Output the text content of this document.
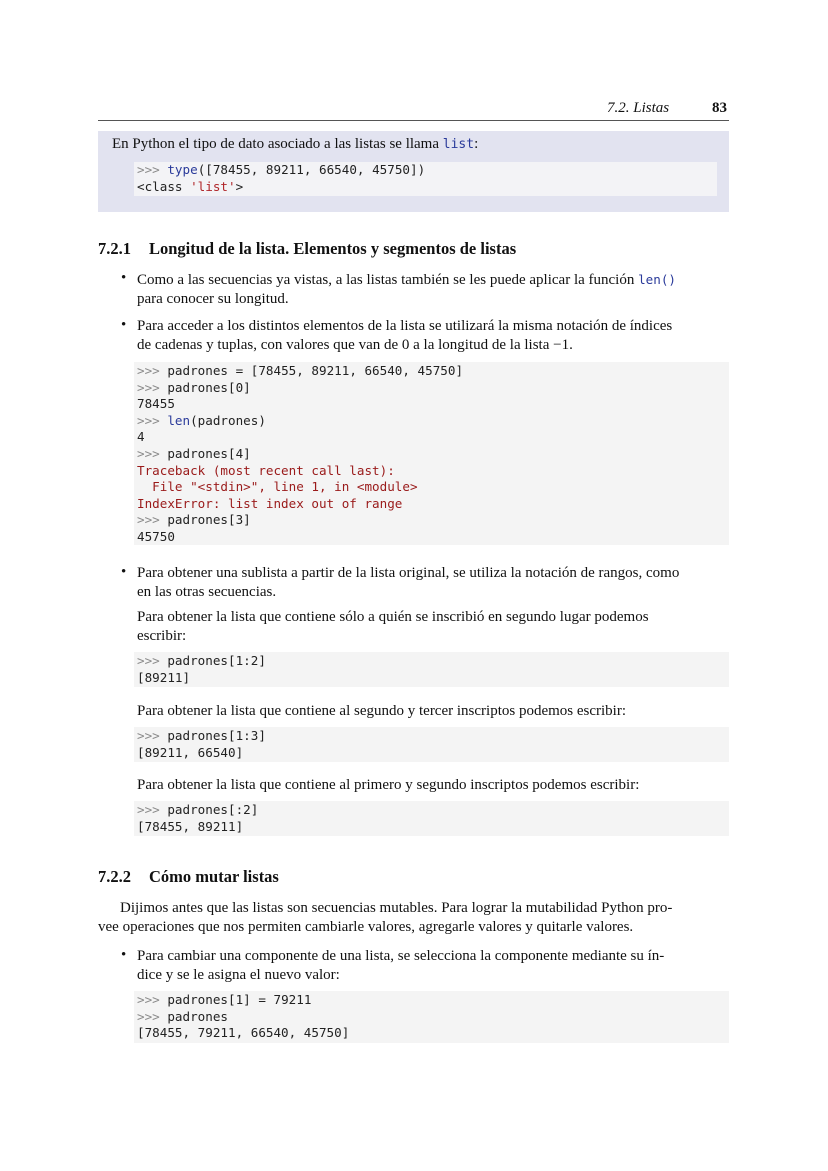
7.2. Listas	83
En Python el tipo de dato asociado a las listas se llama list:
>>> type([78455, 89211, 66540, 45750])
<class 'list'>
7.2.1 Longitud de la lista. Elementos y segmentos de listas
• Como a las secuencias ya vistas, a las listas también se les puede aplicar la función len()
para conocer su longitud.
• Para acceder a los distintos elementos de la lista se utilizará la misma notación de índices
de cadenas y tuplas, con valores que van de 0 a la longitud de la lista −1.
>>> padrones = [78455, 89211, 66540, 45750]
>>> padrones[0]
78455
>>> len(padrones)
4
>>> padrones[4]
Traceback (most recent call last):
File "<stdin>", line 1, in <module>
IndexError: list index out of range
>>> padrones[3]
45750
• Para obtener una sublista a partir de la lista original, se utiliza la notación de rangos, como
en las otras secuencias.
Para obtener la lista que contiene sólo a quién se inscribió en segundo lugar podemos
escribir:
>>> padrones[1:2]
[89211]
Para obtener la lista que contiene al segundo y tercer inscriptos podemos escribir:
>>> padrones[1:3]
[89211, 66540]
Para obtener la lista que contiene al primero y segundo inscriptos podemos escribir:
>>> padrones[:2]
[78455, 89211]
7.2.2 Cómo mutar listas
Dijimos antes que las listas son secuencias mutables. Para lograr la mutabilidad Python pro-
vee operaciones que nos permiten cambiarle valores, agregarle valores y quitarle valores.
• Para cambiar una componente de una lista, se selecciona la componente mediante su ín-
dice y se le asigna el nuevo valor:
>>> padrones[1] = 79211
>>> padrones
[78455, 79211, 66540, 45750]
